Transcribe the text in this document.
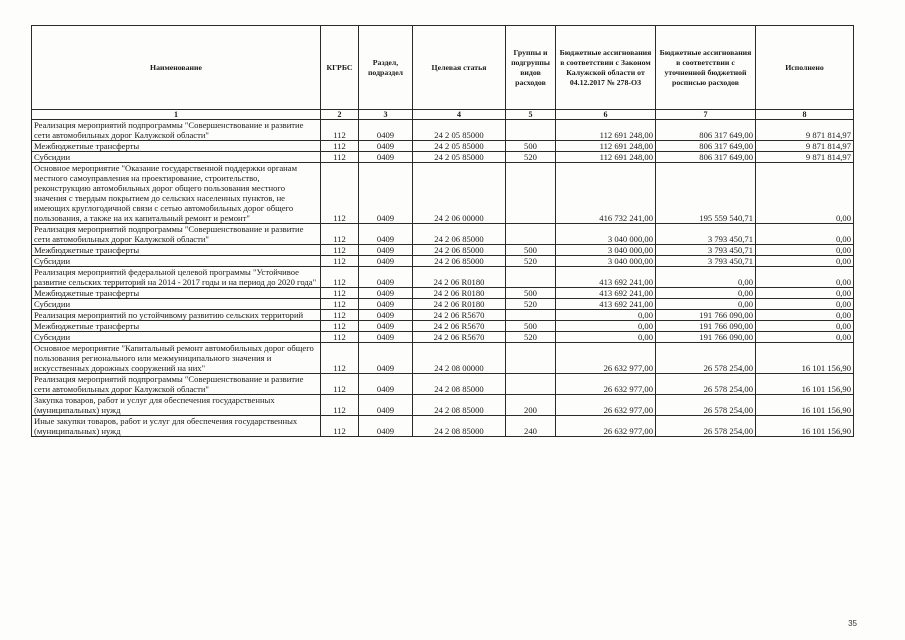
Наименование	КГРБС	Раздел, подраздел	Целевая статья	Группы и подгруппы видов расходов	Бюджетные ассигнования в соответствии с Законом Калужской области от 04.12.2017 № 278-ОЗ	Бюджетные ассигнования в соответствии с уточненной бюджетной росписью расходов	Исполнено
1	2	3	4	5	6	7	8
Реализация мероприятий подпрограммы "Совершенствование и развитие сети автомобильных дорог Калужской области"	112	0409	24 2 05 85000		112 691 248,00	806 317 649,00	9 871 814,97
Межбюджетные трансферты	112	0409	24 2 05 85000	500	112 691 248,00	806 317 649,00	9 871 814,97
Субсидии	112	0409	24 2 05 85000	520	112 691 248,00	806 317 649,00	9 871 814,97
Основное мероприятие "Оказание государственной поддержки органам местного самоуправления на проектирование, строительство, реконструкцию автомобильных дорог общего пользования местного значения с твердым покрытием до сельских населенных пунктов, не имеющих круглогодичной связи с сетью автомобильных дорог общего пользования, а также на их капитальный ремонт и ремонт"	112	0409	24 2 06 00000		416 732 241,00	195 559 540,71	0,00
Реализация мероприятий подпрограммы "Совершенствование и развитие сети автомобильных дорог Калужской области"	112	0409	24 2 06 85000		3 040 000,00	3 793 450,71	0,00
Межбюджетные трансферты	112	0409	24 2 06 85000	500	3 040 000,00	3 793 450,71	0,00
Субсидии	112	0409	24 2 06 85000	520	3 040 000,00	3 793 450,71	0,00
Реализация мероприятий федеральной целевой программы "Устойчивое развитие сельских территорий на 2014 - 2017 годы и на период до 2020 года"	112	0409	24 2 06 R0180		413 692 241,00	0,00	0,00
Межбюджетные трансферты	112	0409	24 2 06 R0180	500	413 692 241,00	0,00	0,00
Субсидии	112	0409	24 2 06 R0180	520	413 692 241,00	0,00	0,00
Реализация мероприятий по устойчивому развитию сельских территорий	112	0409	24 2 06 R5670		0,00	191 766 090,00	0,00
Межбюджетные трансферты	112	0409	24 2 06 R5670	500	0,00	191 766 090,00	0,00
Субсидии	112	0409	24 2 06 R5670	520	0,00	191 766 090,00	0,00
Основное мероприятие "Капитальный ремонт автомобильных дорог общего пользования регионального или межмуниципального значения и искусственных дорожных сооружений на них"	112	0409	24 2 08 00000		26 632 977,00	26 578 254,00	16 101 156,90
Реализация мероприятий подпрограммы "Совершенствование и развитие сети автомобильных дорог Калужской области"	112	0409	24 2 08 85000		26 632 977,00	26 578 254,00	16 101 156,90
Закупка товаров, работ и услуг для обеспечения государственных (муниципальных) нужд	112	0409	24 2 08 85000	200	26 632 977,00	26 578 254,00	16 101 156,90
Иные закупки товаров, работ и услуг для обеспечения государственных (муниципальных) нужд	112	0409	24 2 08 85000	240	26 632 977,00	26 578 254,00	16 101 156,90
35
